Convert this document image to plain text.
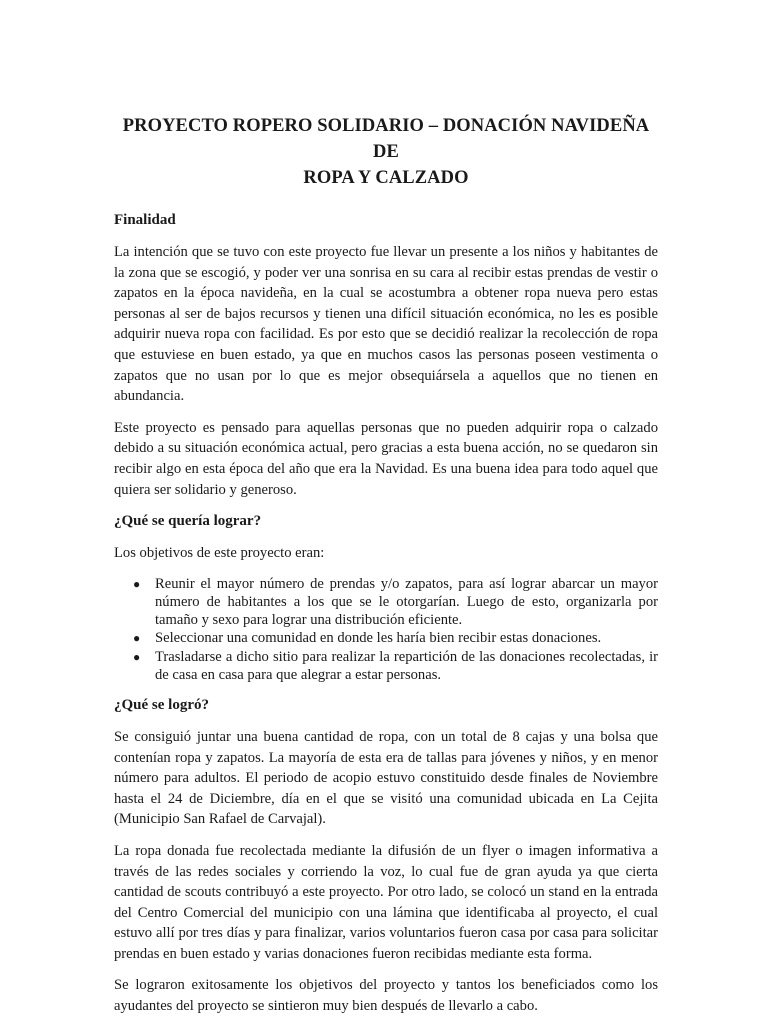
PROYECTO ROPERO SOLIDARIO – DONACIÓN NAVIDEÑA DE
ROPA Y CALZADO
Finalidad

La intención que se tuvo con este proyecto fue llevar un presente a los niños y habitantes de la zona que se escogió, y poder ver una sonrisa en su cara al recibir estas prendas de vestir o zapatos en la época navideña, en la cual se acostumbra a obtener ropa nueva pero estas personas al ser de bajos recursos y tienen una difícil situación económica, no les es posible adquirir nueva ropa con facilidad. Es por esto que se decidió realizar la recolección de ropa que estuviese en buen estado, ya que en muchos casos las personas poseen vestimenta o zapatos que no usan por lo que es mejor obsequiársela a aquellos que no tienen en abundancia.

Este proyecto es pensado para aquellas personas que no pueden adquirir ropa o calzado debido a su situación económica actual, pero gracias a esta buena acción, no se quedaron sin recibir algo en esta época del año que era la Navidad. Es una buena idea para todo aquel que quiera ser solidario y generoso.

¿Qué se quería lograr?

Los objetivos de este proyecto eran:

● Reunir el mayor número de prendas y/o zapatos, para así lograr abarcar un mayor número de habitantes a los que se le otorgarían. Luego de esto, organizarla por tamaño y sexo para lograr una distribución eficiente.
● Seleccionar una comunidad en donde les haría bien recibir estas donaciones.
● Trasladarse a dicho sitio para realizar la repartición de las donaciones recolectadas, ir de casa en casa para que alegrar a estar personas.
¿Qué se logró?

Se consiguió juntar una buena cantidad de ropa, con un total de 8 cajas y una bolsa que contenían ropa y zapatos. La mayoría de esta era de tallas para jóvenes y niños, y en menor número para adultos. El periodo de acopio estuvo constituido desde finales de Noviembre hasta el 24 de Diciembre, día en el que se visitó una comunidad ubicada en La Cejita (Municipio San Rafael de Carvajal).

La ropa donada fue recolectada mediante la difusión de un flyer o imagen informativa a través de las redes sociales y corriendo la voz, lo cual fue de gran ayuda ya que cierta cantidad de scouts contribuyó a este proyecto. Por otro lado, se colocó un stand en la entrada del Centro Comercial del municipio con una lámina que identificaba al proyecto, el cual estuvo allí por tres días y para finalizar, varios voluntarios fueron casa por casa para solicitar prendas en buen estado y varias donaciones fueron recibidas mediante esta forma.

Se lograron exitosamente los objetivos del proyecto y tantos los beneficiados como los ayudantes del proyecto se sintieron muy bien después de llevarlo a cabo.
